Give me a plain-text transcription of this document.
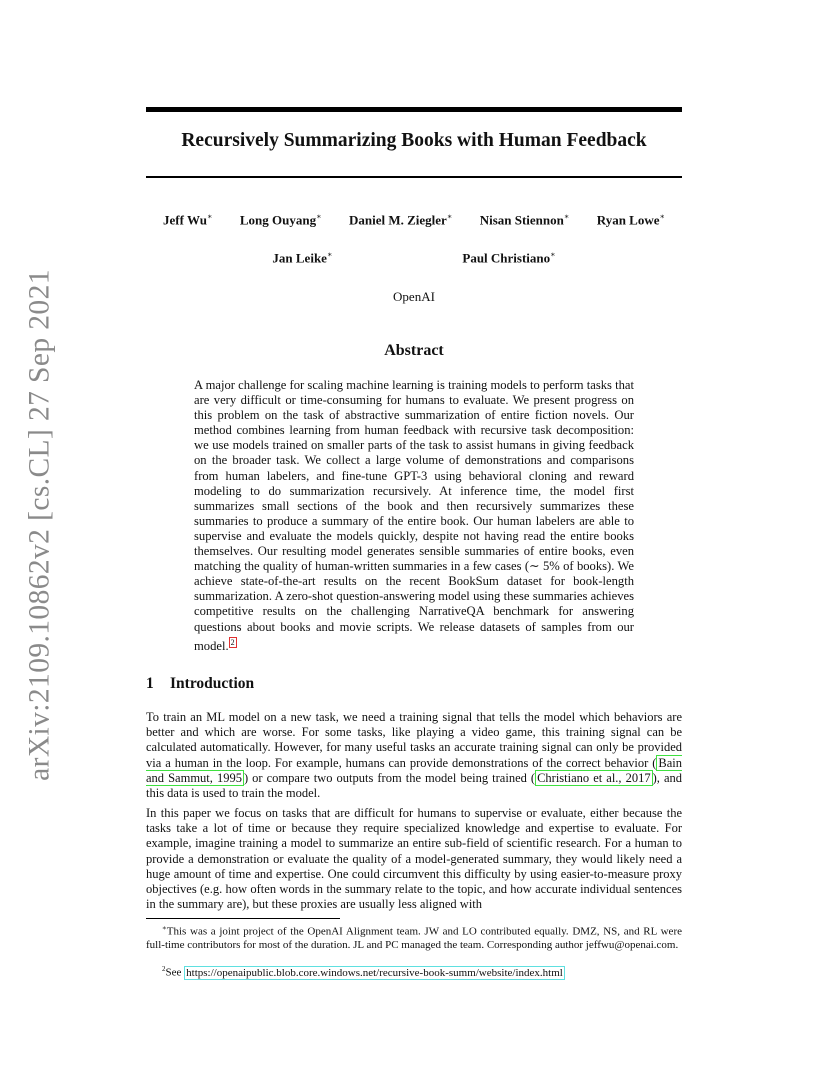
arXiv:2109.10862v2 [cs.CL] 27 Sep 2021
Recursively Summarizing Books with Human Feedback
Jeff Wu∗ Long Ouyang∗ Daniel M. Ziegler∗ Nisan Stiennon∗ Ryan Lowe∗
Jan Leike∗	Paul Christiano∗
OpenAI
Abstract
A major challenge for scaling machine learning is training models to perform tasks that are very difficult or time-consuming for humans to evaluate. We present progress on this problem on the task of abstractive summarization of entire fiction novels. Our method combines learning from human feedback with recursive task decomposition: we use models trained on smaller parts of the task to assist humans in giving feedback on the broader task. We collect a large volume of demonstrations and comparisons from human labelers, and fine-tune GPT-3 using behavioral cloning and reward modeling to do summarization recursively. At inference time, the model first summarizes small sections of the book and then recursively summarizes these summaries to produce a summary of the entire book. Our human labelers are able to supervise and evaluate the models quickly, despite not having read the entire books themselves. Our resulting model generates sensible summaries of entire books, even matching the quality of human-written summaries in a few cases (∼ 5% of books). We achieve state-of-the-art results on the recent BookSum dataset for book-length summarization. A zero-shot question-answering model using these summaries achieves competitive results on the challenging NarrativeQA benchmark for answering questions about books and movie scripts. We release datasets of samples from our model. $^2$
1 Introduction
To train an ML model on a new task, we need a training signal that tells the model which behaviors are better and which are worse. For some tasks, like playing a video game, this training signal can be calculated automatically. However, for many useful tasks an accurate training signal can only be provided via a human in the loop. For example, humans can provide demonstrations of the correct behavior ( Bain and Sammut, 1995 ) or compare two outputs from the model being trained ( Christiano et al., 2017 ), and this data is used to train the model.
In this paper we focus on tasks that are difficult for humans to supervise or evaluate, either because the tasks take a lot of time or because they require specialized knowledge and expertise to evaluate. For example, imagine training a model to summarize an entire sub-field of scientific research. For a human to provide a demonstration or evaluate the quality of a model-generated summary, they would likely need a huge amount of time and expertise. One could circumvent this difficulty by using easier-to-measure proxy objectives (e.g. how often words in the summary relate to the topic, and how accurate individual sentences in the summary are), but these proxies are usually less aligned with
∗This was a joint project of the OpenAI Alignment team. JW and LO contributed equally. DMZ, NS, and RL were full-time contributors for most of the duration. JL and PC managed the team. Corresponding author jeffwu@openai.com.
$^2$See https://openaipublic.blob.core.windows.net/recursive-book-summ/website/index.html
